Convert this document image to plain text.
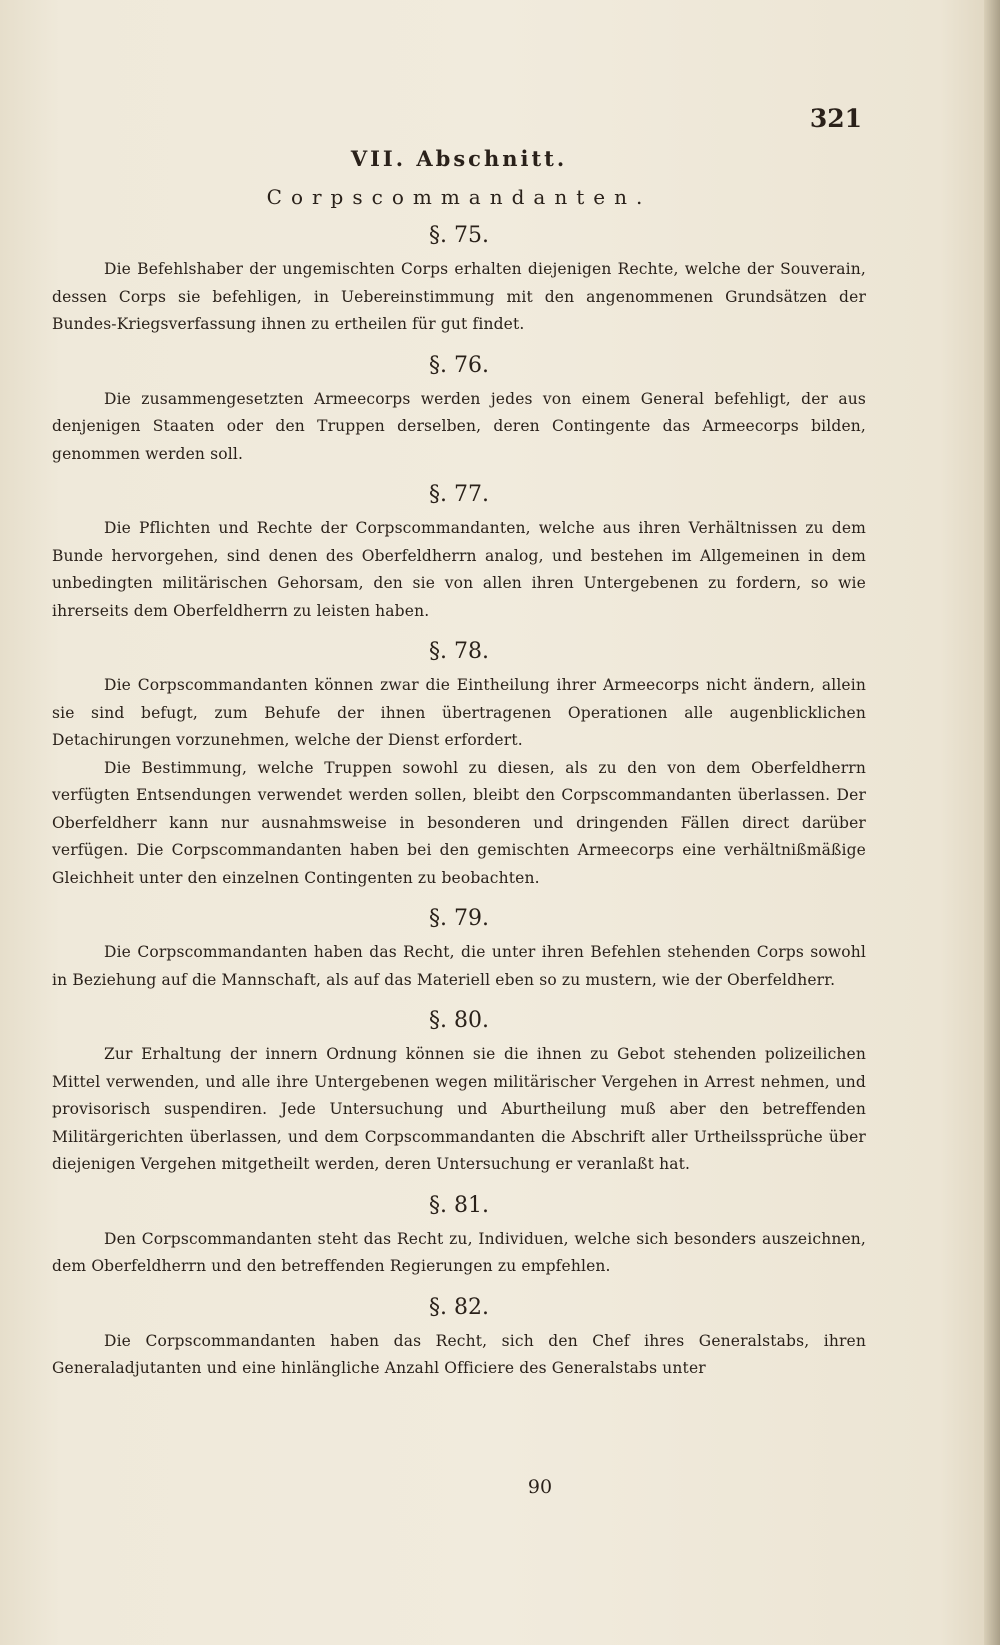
321
VII. Abschnitt.
Corpscommandanten.
§. 75.

Die Befehlshaber der ungemischten Corps erhalten diejenigen Rechte, welche der Souverain, dessen Corps sie befehligen, in Uebereinstimmung mit den angenommenen Grundsätzen der Bundes-Kriegsverfassung ihnen zu ertheilen für gut findet.

§. 76.

Die zusammengesetzten Armeecorps werden jedes von einem General befehligt, der aus denjenigen Staaten oder den Truppen derselben, deren Contingente das Armeecorps bilden, genommen werden soll.

§. 77.

Die Pflichten und Rechte der Corpscommandanten, welche aus ihren Verhältnissen zu dem Bunde hervorgehen, sind denen des Oberfeldherrn analog, und bestehen im Allgemeinen in dem unbedingten militärischen Gehorsam, den sie von allen ihren Untergebenen zu fordern, so wie ihrerseits dem Oberfeldherrn zu leisten haben.

§. 78.

Die Corpscommandanten können zwar die Eintheilung ihrer Armeecorps nicht ändern, allein sie sind befugt, zum Behufe der ihnen übertragenen Operationen alle augenblicklichen Detachirungen vorzunehmen, welche der Dienst erfordert.

Die Bestimmung, welche Truppen sowohl zu diesen, als zu den von dem Oberfeldherrn verfügten Entsendungen verwendet werden sollen, bleibt den Corpscommandanten überlassen. Der Oberfeldherr kann nur ausnahmsweise in besonderen und dringenden Fällen direct darüber verfügen. Die Corpscommandanten haben bei den gemischten Armeecorps eine verhältnißmäßige Gleichheit unter den einzelnen Contingenten zu beobachten.

§. 79.

Die Corpscommandanten haben das Recht, die unter ihren Befehlen stehenden Corps sowohl in Beziehung auf die Mannschaft, als auf das Materiell eben so zu mustern, wie der Oberfeldherr.

§. 80.

Zur Erhaltung der innern Ordnung können sie die ihnen zu Gebot stehenden polizeilichen Mittel verwenden, und alle ihre Untergebenen wegen militärischer Vergehen in Arrest nehmen, und provisorisch suspendiren. Jede Untersuchung und Aburtheilung muß aber den betreffenden Militärgerichten überlassen, und dem Corpscommandanten die Abschrift aller Urtheilssprüche über diejenigen Vergehen mitgetheilt werden, deren Untersuchung er veranlaßt hat.

§. 81.

Den Corpscommandanten steht das Recht zu, Individuen, welche sich besonders auszeichnen, dem Oberfeldherrn und den betreffenden Regierungen zu empfehlen.

§. 82.

Die Corpscommandanten haben das Recht, sich den Chef ihres Generalstabs, ihren Generaladjutanten und eine hinlängliche Anzahl Officiere des Generalstabs unter

90
